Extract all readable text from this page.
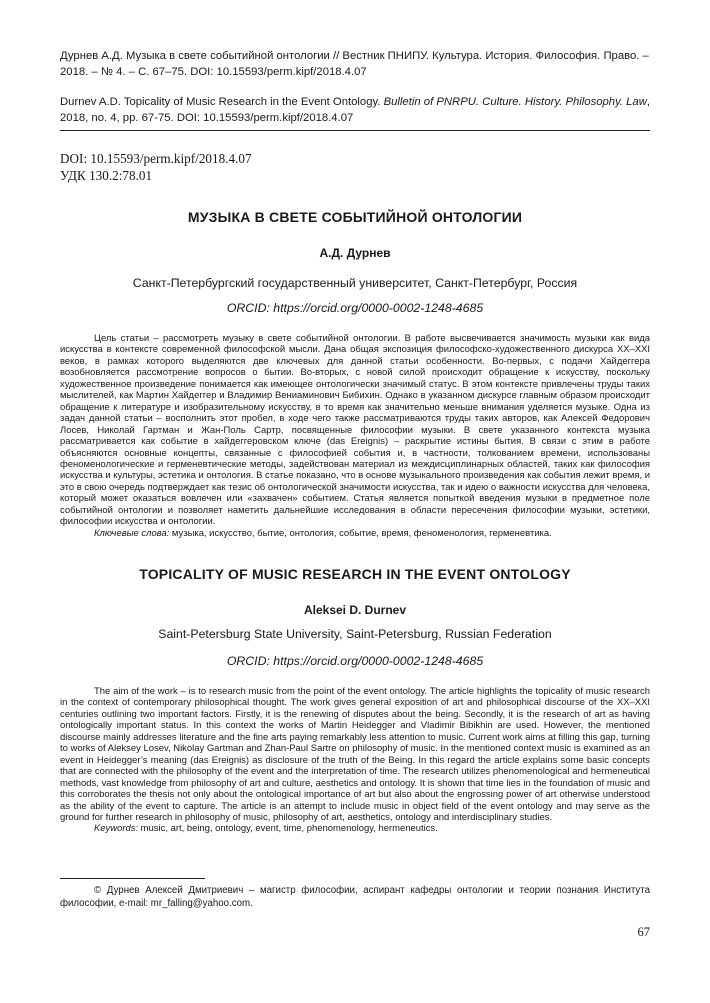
Дурнев А.Д. Музыка в свете событийной онтологии // Вестник ПНИПУ. Культура. История. Философия. Право. – 2018. – № 4. – С. 67–75. DOI: 10.15593/perm.kipf/2018.4.07
Durnev A.D. Topicality of Music Research in the Event Ontology. Bulletin of PNRPU. Culture. History. Philosophy. Law, 2018, no. 4, pp. 67-75. DOI: 10.15593/perm.kipf/2018.4.07
DOI: 10.15593/perm.kipf/2018.4.07
УДК 130.2:78.01
МУЗЫКА В СВЕТЕ СОБЫТИЙНОЙ ОНТОЛОГИИ
А.Д. Дурнев
Санкт-Петербургский государственный университет, Санкт-Петербург, Россия
ORCID: https://orcid.org/0000-0002-1248-4685

Цель статьи – рассмотреть музыку в свете событийной онтологии. В работе высвечивается значимость музыки как вида искусства в контексте современной философской мысли. Дана общая экспозиция философско-художественного дискурса XX–XXI веков, в рамках которого выделяются две ключевых для данной статьи особенности. Во-первых, с подачи Хайдеггера возобновляется рассмотрение вопросов о бытии. Во-вторых, с новой силой происходит обращение к искусству, поскольку художественное произведение понимается как имеющее онтологически значимый статус. В этом контексте привлечены труды таких мыслителей, как Мартин Хайдеггер и Владимир Вениаминович Бибихин. Однако в указанном дискурсе главным образом происходит обращение к литературе и изобразительному искусству, в то время как значительно меньше внимания уделяется музыке. Одна из задач данной статьи – восполнить этот пробел, в ходе чего также рассматриваются труды таких авторов, как Алексей Федорович Лосев, Николай Гартман и Жан-Поль Сартр, посвященные философии музыки. В свете указанного контекста музыка рассматривается как событие в хайдеггеровском ключе (das Ereignis) – раскрытие истины бытия. В связи с этим в работе объясняются основные концепты, связанные с философией события и, в частности, толкованием времени, использованы феноменологические и герменевтические методы, задействован материал из междисциплинарных областей, таких как философия искусства и культуры, эстетика и онтология. В статье показано, что в основе музыкального произведения как события лежит время, и это в свою очередь подтверждает как тезис об онтологической значимости искусства, так и идею о важности искусства для человека, который может оказаться вовлечен или «захвачен» событием. Статья является попыткой введения музыки в предметное поле событийной онтологии и позволяет наметить дальнейшие исследования в области пересечения философии музыки, эстетики, философии искусства и онтологии.

Ключевые слова: музыка, искусство, бытие, онтология, событие, время, феноменология, герменевтика.

TOPICALITY OF MUSIC RESEARCH IN THE EVENT ONTOLOGY
Aleksei D. Durnev
Saint-Petersburg State University, Saint-Petersburg, Russian Federation
ORCID: https://orcid.org/0000-0002-1248-4685

The aim of the work – is to research music from the point of the event ontology. The article highlights the topicality of music research in the context of contemporary philosophical thought. The work gives general exposition of art and philosophical discourse of the XX–XXI centuries outlining two important factors. Firstly, it is the renewing of disputes about the being. Secondly, it is the research of art as having ontologically important status. In this context the works of Martin Heidegger and Vladimir Bibikhin are used. However, the mentioned discourse mainly addresses literature and the fine arts paying remarkably less attention to music. Current work aims at filling this gap, turning to works of Aleksey Losev, Nikolay Gartman and Zhan-Paul Sartre on philosophy of music. In the mentioned context music is examined as an event in Heidegger’s meaning (das Ereignis) as disclosure of the truth of the Being. In this regard the article explains some basic concepts that are connected with the philosophy of the event and the interpretation of time. The research utilizes phenomenological and hermeneutical methods, vast knowledge from philosophy of art and culture, aesthetics and ontology. It is shown that time lies in the foundation of music and this corroborates the thesis not only about the ontological importance of art but also about the engrossing power of art otherwise understood as the ability of the event to capture. The article is an attempt to include music in object field of the event ontology and may serve as the ground for further research in philosophy of music, philosophy of art, aesthetics, ontology and interdisciplinary studies.

Keywords: music, art, being, ontology, event, time, phenomenology, hermeneutics.

© Дурнев Алексей Дмитриевич – магистр философии, аспирант кафедры онтологии и теории познания Института философии, e-mail: mr_falling@yahoo.com.

67
